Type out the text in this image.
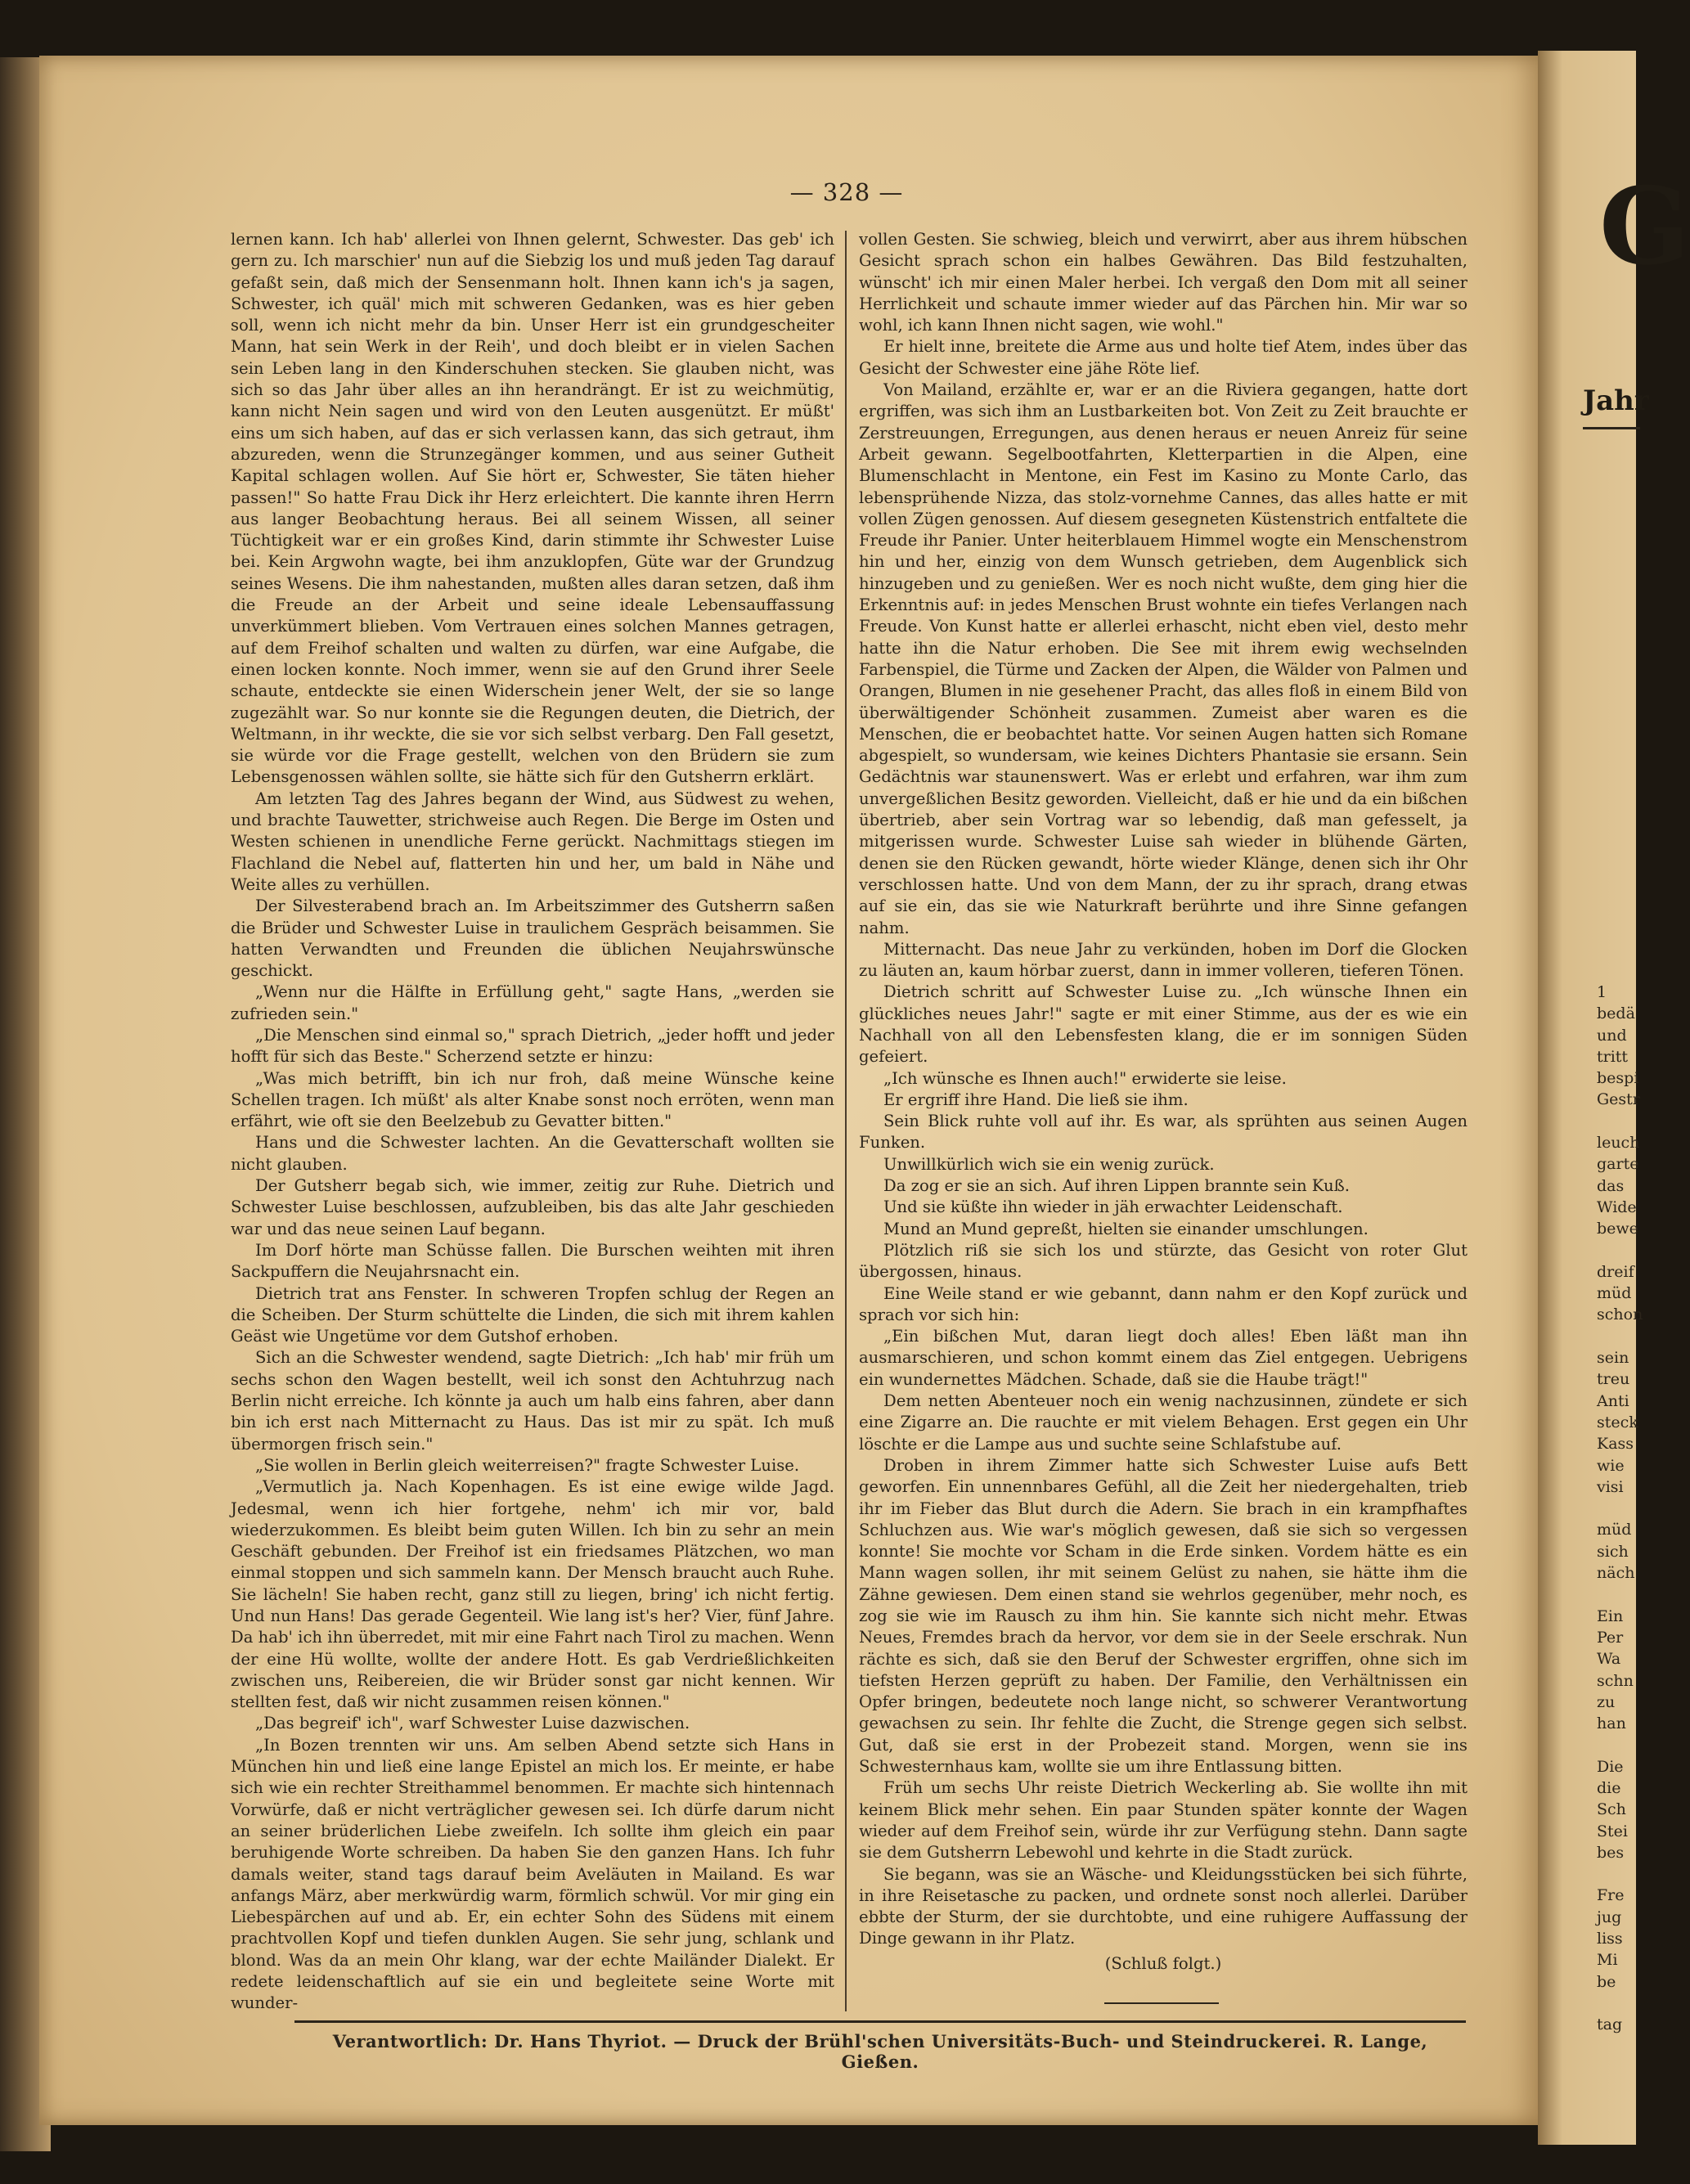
G
Jahr
1
bedä
und
tritt
bespi
Gestr

leuch
garte
das
Wide
bewe

dreif
müd
schon

sein
treu
Anti
steck
Kass
wie
visi

müd
sich
näch

Ein
Per
Wa
schn
zu
han

Die
die
Sch
Stei
bes

Fre
jug
liss
Mi
be

tag
— 328 —

lernen kann. Ich hab' allerlei von Ihnen gelernt, Schwester. Das geb' ich gern zu. Ich marschier' nun auf die Siebzig los und muß jeden Tag darauf gefaßt sein, daß mich der Sensenmann holt. Ihnen kann ich's ja sagen, Schwester, ich quäl' mich mit schweren Gedanken, was es hier geben soll, wenn ich nicht mehr da bin. Unser Herr ist ein grundgescheiter Mann, hat sein Werk in der Reih', und doch bleibt er in vielen Sachen sein Leben lang in den Kinderschuhen stecken. Sie glauben nicht, was sich so das Jahr über alles an ihn herandrängt. Er ist zu weichmütig, kann nicht Nein sagen und wird von den Leuten ausgenützt. Er müßt' eins um sich haben, auf das er sich verlassen kann, das sich getraut, ihm abzureden, wenn die Strunzegänger kommen, und aus seiner Gutheit Kapital schlagen wollen. Auf Sie hört er, Schwester, Sie täten hieher passen!" So hatte Frau Dick ihr Herz erleichtert. Die kannte ihren Herrn aus langer Beobachtung heraus. Bei all seinem Wissen, all seiner Tüchtigkeit war er ein großes Kind, darin stimmte ihr Schwester Luise bei. Kein Argwohn wagte, bei ihm anzuklopfen, Güte war der Grundzug seines Wesens. Die ihm nahestanden, mußten alles daran setzen, daß ihm die Freude an der Arbeit und seine ideale Lebensauffassung unverkümmert blieben. Vom Vertrauen eines solchen Mannes getragen, auf dem Freihof schalten und walten zu dürfen, war eine Aufgabe, die einen locken konnte. Noch immer, wenn sie auf den Grund ihrer Seele schaute, entdeckte sie einen Widerschein jener Welt, der sie so lange zugezählt war. So nur konnte sie die Regungen deuten, die Dietrich, der Weltmann, in ihr weckte, die sie vor sich selbst verbarg. Den Fall gesetzt, sie würde vor die Frage gestellt, welchen von den Brüdern sie zum Lebensgenossen wählen sollte, sie hätte sich für den Gutsherrn erklärt.

Am letzten Tag des Jahres begann der Wind, aus Südwest zu wehen, und brachte Tauwetter, strichweise auch Regen. Die Berge im Osten und Westen schienen in unendliche Ferne gerückt. Nachmittags stiegen im Flachland die Nebel auf, flatterten hin und her, um bald in Nähe und Weite alles zu verhüllen.

Der Silvesterabend brach an. Im Arbeitszimmer des Gutsherrn saßen die Brüder und Schwester Luise in traulichem Gespräch beisammen. Sie hatten Verwandten und Freunden die üblichen Neujahrswünsche geschickt.

„Wenn nur die Hälfte in Erfüllung geht," sagte Hans, „werden sie zufrieden sein."

„Die Menschen sind einmal so," sprach Dietrich, „jeder hofft und jeder hofft für sich das Beste." Scherzend setzte er hinzu:

„Was mich betrifft, bin ich nur froh, daß meine Wünsche keine Schellen tragen. Ich müßt' als alter Knabe sonst noch erröten, wenn man erfährt, wie oft sie den Beelzebub zu Gevatter bitten."

Hans und die Schwester lachten. An die Gevatterschaft wollten sie nicht glauben.

Der Gutsherr begab sich, wie immer, zeitig zur Ruhe. Dietrich und Schwester Luise beschlossen, aufzubleiben, bis das alte Jahr geschieden war und das neue seinen Lauf begann.

Im Dorf hörte man Schüsse fallen. Die Burschen weihten mit ihren Sackpuffern die Neujahrsnacht ein.

Dietrich trat ans Fenster. In schweren Tropfen schlug der Regen an die Scheiben. Der Sturm schüttelte die Linden, die sich mit ihrem kahlen Geäst wie Ungetüme vor dem Gutshof erhoben.

Sich an die Schwester wendend, sagte Dietrich: „Ich hab' mir früh um sechs schon den Wagen bestellt, weil ich sonst den Achtuhrzug nach Berlin nicht erreiche. Ich könnte ja auch um halb eins fahren, aber dann bin ich erst nach Mitternacht zu Haus. Das ist mir zu spät. Ich muß übermorgen frisch sein."

„Sie wollen in Berlin gleich weiterreisen?" fragte Schwester Luise.

„Vermutlich ja. Nach Kopenhagen. Es ist eine ewige wilde Jagd. Jedesmal, wenn ich hier fortgehe, nehm' ich mir vor, bald wiederzukommen. Es bleibt beim guten Willen. Ich bin zu sehr an mein Geschäft gebunden. Der Freihof ist ein friedsames Plätzchen, wo man einmal stoppen und sich sammeln kann. Der Mensch braucht auch Ruhe. Sie lächeln! Sie haben recht, ganz still zu liegen, bring' ich nicht fertig. Und nun Hans! Das gerade Gegenteil. Wie lang ist's her? Vier, fünf Jahre. Da hab' ich ihn überredet, mit mir eine Fahrt nach Tirol zu machen. Wenn der eine Hü wollte, wollte der andere Hott. Es gab Verdrießlichkeiten zwischen uns, Reibereien, die wir Brüder sonst gar nicht kennen. Wir stellten fest, daß wir nicht zusammen reisen können."

„Das begreif' ich", warf Schwester Luise dazwischen.

„In Bozen trennten wir uns. Am selben Abend setzte sich Hans in München hin und ließ eine lange Epistel an mich los. Er meinte, er habe sich wie ein rechter Streithammel benommen. Er machte sich hintennach Vorwürfe, daß er nicht verträglicher gewesen sei. Ich dürfe darum nicht an seiner brüderlichen Liebe zweifeln. Ich sollte ihm gleich ein paar beruhigende Worte schreiben. Da haben Sie den ganzen Hans. Ich fuhr damals weiter, stand tags darauf beim Aveläuten in Mailand. Es war anfangs März, aber merkwürdig warm, förmlich schwül. Vor mir ging ein Liebespärchen auf und ab. Er, ein echter Sohn des Südens mit einem prachtvollen Kopf und tiefen dunklen Augen. Sie sehr jung, schlank und blond. Was da an mein Ohr klang, war der echte Mailänder Dialekt. Er redete leidenschaftlich auf sie ein und begleitete seine Worte mit wunder-

vollen Gesten. Sie schwieg, bleich und verwirrt, aber aus ihrem hübschen Gesicht sprach schon ein halbes Gewähren. Das Bild festzuhalten, wünscht' ich mir einen Maler herbei. Ich vergaß den Dom mit all seiner Herrlichkeit und schaute immer wieder auf das Pärchen hin. Mir war so wohl, ich kann Ihnen nicht sagen, wie wohl."

Er hielt inne, breitete die Arme aus und holte tief Atem, indes über das Gesicht der Schwester eine jähe Röte lief.

Von Mailand, erzählte er, war er an die Riviera gegangen, hatte dort ergriffen, was sich ihm an Lustbarkeiten bot. Von Zeit zu Zeit brauchte er Zerstreuungen, Erregungen, aus denen heraus er neuen Anreiz für seine Arbeit gewann. Segelbootfahrten, Kletterpartien in die Alpen, eine Blumenschlacht in Mentone, ein Fest im Kasino zu Monte Carlo, das lebensprühende Nizza, das stolz-vornehme Cannes, das alles hatte er mit vollen Zügen genossen. Auf diesem gesegneten Küstenstrich entfaltete die Freude ihr Panier. Unter heiterblauem Himmel wogte ein Menschenstrom hin und her, einzig von dem Wunsch getrieben, dem Augenblick sich hinzugeben und zu genießen. Wer es noch nicht wußte, dem ging hier die Erkenntnis auf: in jedes Menschen Brust wohnte ein tiefes Verlangen nach Freude. Von Kunst hatte er allerlei erhascht, nicht eben viel, desto mehr hatte ihn die Natur erhoben. Die See mit ihrem ewig wechselnden Farbenspiel, die Türme und Zacken der Alpen, die Wälder von Palmen und Orangen, Blumen in nie gesehener Pracht, das alles floß in einem Bild von überwältigender Schönheit zusammen. Zumeist aber waren es die Menschen, die er beobachtet hatte. Vor seinen Augen hatten sich Romane abgespielt, so wundersam, wie keines Dichters Phantasie sie ersann. Sein Gedächtnis war staunenswert. Was er erlebt und erfahren, war ihm zum unvergeßlichen Besitz geworden. Vielleicht, daß er hie und da ein bißchen übertrieb, aber sein Vortrag war so lebendig, daß man gefesselt, ja mitgerissen wurde. Schwester Luise sah wieder in blühende Gärten, denen sie den Rücken gewandt, hörte wieder Klänge, denen sich ihr Ohr verschlossen hatte. Und von dem Mann, der zu ihr sprach, drang etwas auf sie ein, das sie wie Naturkraft berührte und ihre Sinne gefangen nahm.

Mitternacht. Das neue Jahr zu verkünden, hoben im Dorf die Glocken zu läuten an, kaum hörbar zuerst, dann in immer volleren, tieferen Tönen.

Dietrich schritt auf Schwester Luise zu. „Ich wünsche Ihnen ein glückliches neues Jahr!" sagte er mit einer Stimme, aus der es wie ein Nachhall von all den Lebensfesten klang, die er im sonnigen Süden gefeiert.

„Ich wünsche es Ihnen auch!" erwiderte sie leise.

Er ergriff ihre Hand. Die ließ sie ihm.

Sein Blick ruhte voll auf ihr. Es war, als sprühten aus seinen Augen Funken.

Unwillkürlich wich sie ein wenig zurück.

Da zog er sie an sich. Auf ihren Lippen brannte sein Kuß.

Und sie küßte ihn wieder in jäh erwachter Leidenschaft.

Mund an Mund gepreßt, hielten sie einander umschlungen.

Plötzlich riß sie sich los und stürzte, das Gesicht von roter Glut übergossen, hinaus.

Eine Weile stand er wie gebannt, dann nahm er den Kopf zurück und sprach vor sich hin:

„Ein bißchen Mut, daran liegt doch alles! Eben läßt man ihn ausmarschieren, und schon kommt einem das Ziel entgegen. Uebrigens ein wundernettes Mädchen. Schade, daß sie die Haube trägt!"

Dem netten Abenteuer noch ein wenig nachzusinnen, zündete er sich eine Zigarre an. Die rauchte er mit vielem Behagen. Erst gegen ein Uhr löschte er die Lampe aus und suchte seine Schlafstube auf.

Droben in ihrem Zimmer hatte sich Schwester Luise aufs Bett geworfen. Ein unnennbares Gefühl, all die Zeit her niedergehalten, trieb ihr im Fieber das Blut durch die Adern. Sie brach in ein krampfhaftes Schluchzen aus. Wie war's möglich gewesen, daß sie sich so vergessen konnte! Sie mochte vor Scham in die Erde sinken. Vordem hätte es ein Mann wagen sollen, ihr mit seinem Gelüst zu nahen, sie hätte ihm die Zähne gewiesen. Dem einen stand sie wehrlos gegenüber, mehr noch, es zog sie wie im Rausch zu ihm hin. Sie kannte sich nicht mehr. Etwas Neues, Fremdes brach da hervor, vor dem sie in der Seele erschrak. Nun rächte es sich, daß sie den Beruf der Schwester ergriffen, ohne sich im tiefsten Herzen geprüft zu haben. Der Familie, den Verhältnissen ein Opfer bringen, bedeutete noch lange nicht, so schwerer Verantwortung gewachsen zu sein. Ihr fehlte die Zucht, die Strenge gegen sich selbst. Gut, daß sie erst in der Probezeit stand. Morgen, wenn sie ins Schwesternhaus kam, wollte sie um ihre Entlassung bitten.

Früh um sechs Uhr reiste Dietrich Weckerling ab. Sie wollte ihn mit keinem Blick mehr sehen. Ein paar Stunden später konnte der Wagen wieder auf dem Freihof sein, würde ihr zur Verfügung stehn. Dann sagte sie dem Gutsherrn Lebewohl und kehrte in die Stadt zurück.

Sie begann, was sie an Wäsche- und Kleidungsstücken bei sich führte, in ihre Reisetasche zu packen, und ordnete sonst noch allerlei. Darüber ebbte der Sturm, der sie durchtobte, und eine ruhigere Auffassung der Dinge gewann in ihr Platz.

(Schluß folgt.)

Verantwortlich: Dr. Hans Thyriot. — Druck der Brühl'schen Universitäts-Buch- und Steindruckerei. R. Lange, Gießen.
